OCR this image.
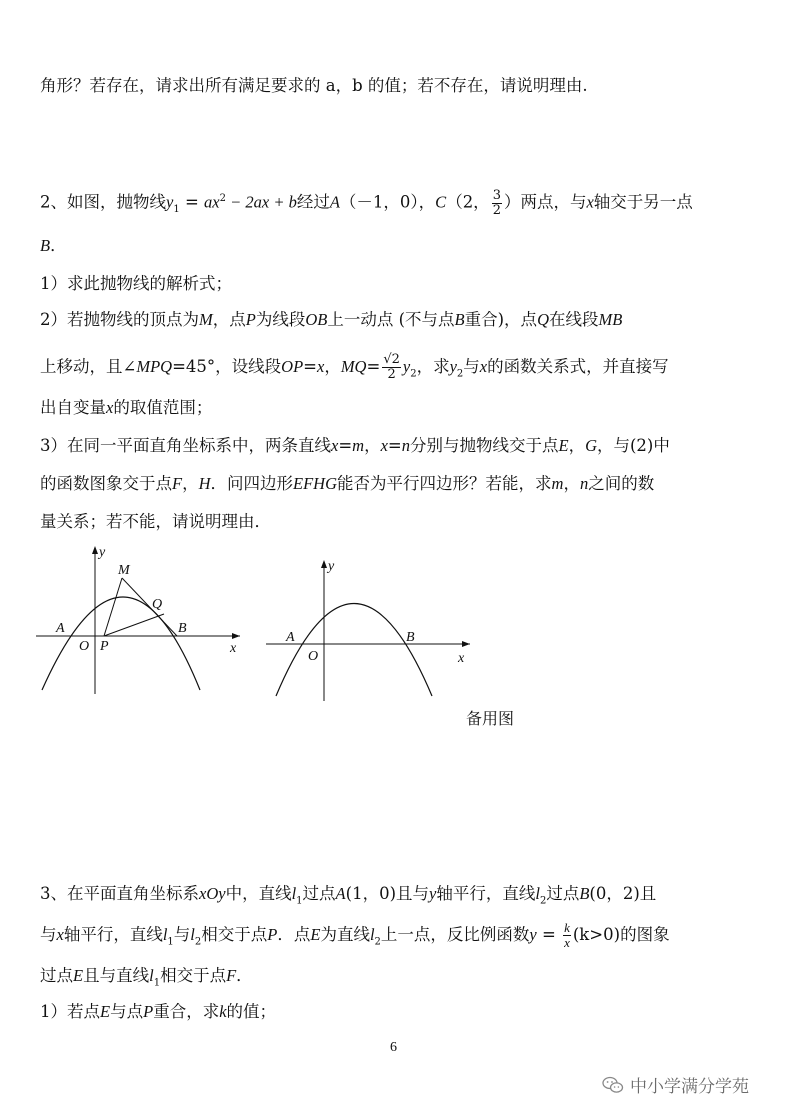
角形？若存在，请求出所有满足要求的 a，b 的值；若不存在，请说明理由.
2、如图，抛物线$y_1 = ax^2 - 2ax + b$经过A（－1，0），C（2， $\frac{3}{2}$ ）两点，与x轴交于另一点
B．
1）求此抛物线的解析式；
2）若抛物线的顶点为M，点P为线段OB上一动点 (不与点B重合)，点Q在线段MB
上移动，且∠MPQ=45°，设线段OP=x，$MQ= \frac{√2}{2} y_2$，求$y_2$与x的函数关系式，并直接写
出自变量x的取值范围；
3）在同一平面直角坐标系中，两条直线x=m，x=n分别与抛物线交于点E，G，与(2)中
的函数图象交于点F，H．问四边形EFHG能否为平行四边形？若能，求m，n之间的数
量关系；若不能，请说明理由．
y
M
Q
A	B
O P	x
y
A	B
O	x
备用图
3、在平面直角坐标系xOy中，直线$l_1$过点A(1，0)且与y轴平行，直线$l_2$过点B(0，2)且
与x轴平行，直线$l_1$与$l_2$相交于点P．点E为直线$l_2$上一点，反比例函数$y = \frac{k}{x} (k>0)$的图象
过点E且与直线$l_1$相交于点F．
1）若点E与点P重合，求k的值；
6
中小学满分学苑
